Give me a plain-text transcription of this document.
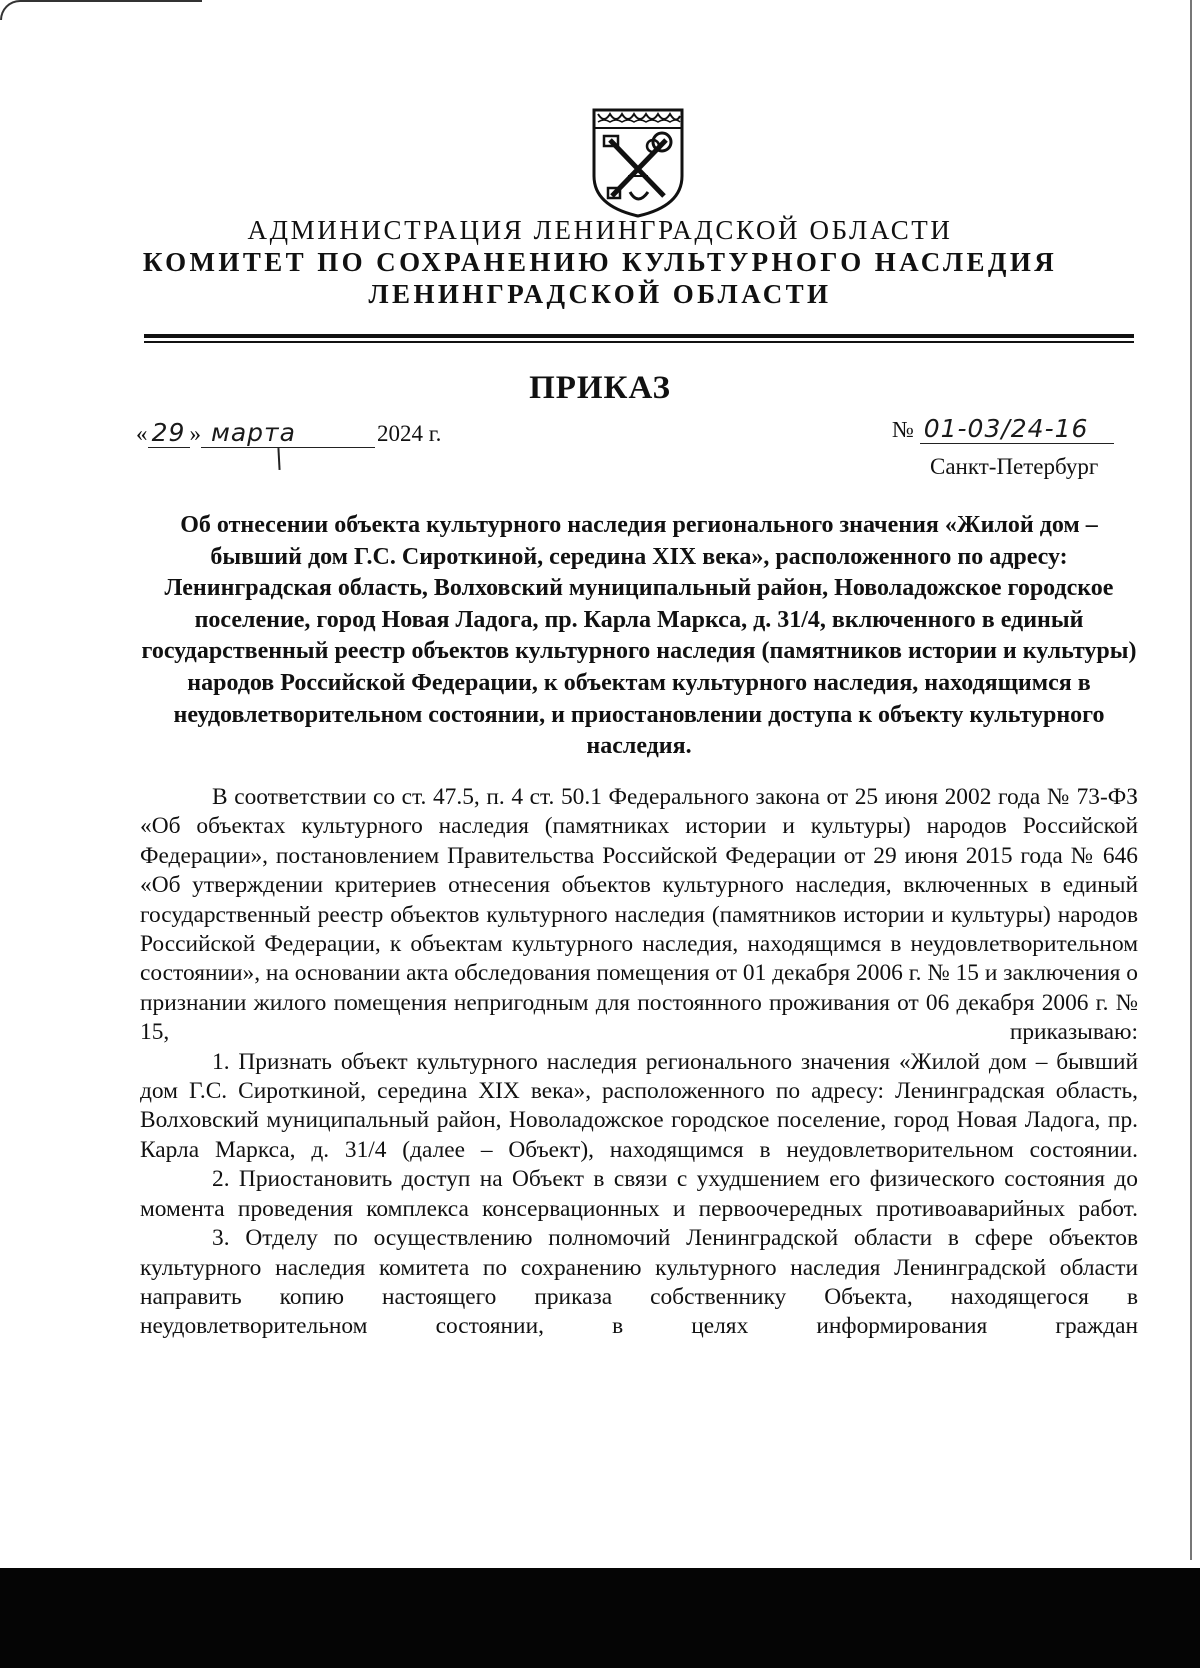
АДМИНИСТРАЦИЯ ЛЕНИНГРАДСКОЙ ОБЛАСТИ
КОМИТЕТ ПО СОХРАНЕНИЮ КУЛЬТУРНОГО НАСЛЕДИЯ
ЛЕНИНГРАДСКОЙ ОБЛАСТИ
ПРИКАЗ
« 29 » марта	2024 г.	№ 01-03/24-16
Санкт-Петербург
Об отнесении объекта культурного наследия регионального значения «Жилой дом – бывший дом Г.С. Сироткиной, середина XIX века», расположенного по адресу: Ленинградская область, Волховский муниципальный район, Новоладожское городское поселение, город Новая Ладога, пр. Карла Маркса, д. 31/4, включенного в единый государственный реестр объектов культурного наследия (памятников истории и культуры) народов Российской Федерации, к объектам культурного наследия, находящимся в неудовлетворительном состоянии, и приостановлении доступа к объекту культурного наследия.

В соответствии со ст. 47.5, п. 4 ст. 50.1 Федерального закона от 25 июня 2002 года № 73-ФЗ «Об объектах культурного наследия (памятниках истории и культуры) народов Российской Федерации», постановлением Правительства Российской Федерации от 29 июня 2015 года № 646 «Об утверждении критериев отнесения объектов культурного наследия, включенных в единый государственный реестр объектов культурного наследия (памятников истории и культуры) народов Российской Федерации, к объектам культурного наследия, находящимся в неудовлетворительном состоянии», на основании акта обследования помещения от 01 декабря 2006 г. № 15 и заключения о признании жилого помещения непригодным для постоянного проживания от 06 декабря 2006 г. № 15, приказываю:

1. Признать объект культурного наследия регионального значения «Жилой дом – бывший дом Г.С. Сироткиной, середина XIX века», расположенного по адресу: Ленинградская область, Волховский муниципальный район, Новоладожское городское поселение, город Новая Ладога, пр. Карла Маркса, д. 31/4 (далее – Объект), находящимся в неудовлетворительном состоянии.

2. Приостановить доступ на Объект в связи с ухудшением его физического состояния до момента проведения комплекса консервационных и первоочередных противоаварийных работ.

3. Отделу по осуществлению полномочий Ленинградской области в сфере объектов культурного наследия комитета по сохранению культурного наследия Ленинградской области направить копию настоящего приказа собственнику Объекта, находящегося в неудовлетворительном состоянии, в целях информирования граждан
